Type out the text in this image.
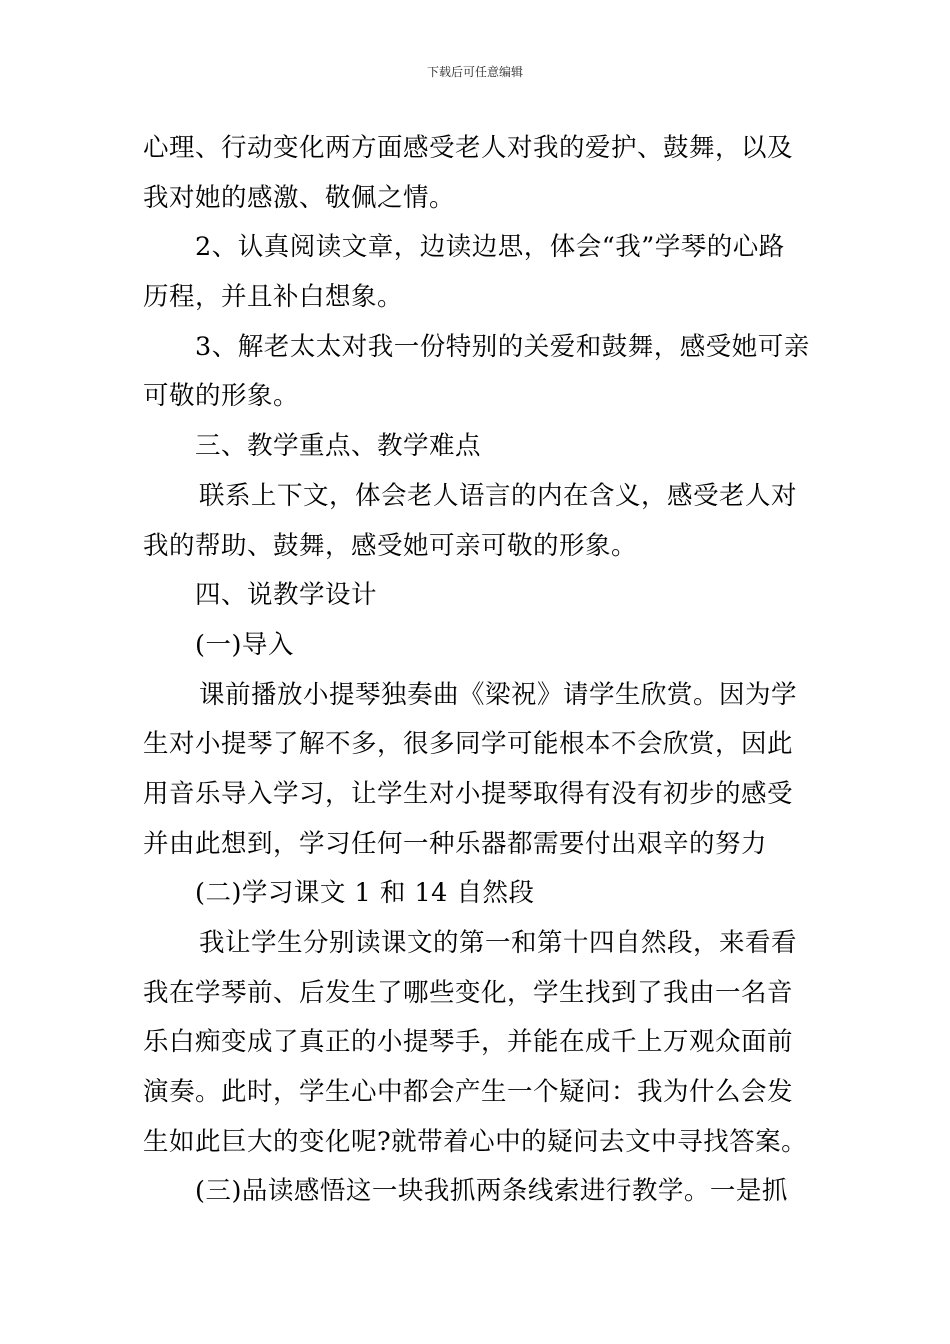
下载后可任意编辑
心理、行动变化两方面感受老人对我的爱护、鼓舞，以及
我对她的感激、敬佩之情。
2、认真阅读文章，边读边思，体会“我”学琴的心路
历程，并且补白想象。
3、解老太太对我一份特别的关爱和鼓舞，感受她可亲
可敬的形象。
三、教学重点、教学难点
联系上下文，体会老人语言的内在含义，感受老人对
我的帮助、鼓舞，感受她可亲可敬的形象。
四、说教学设计
(一)导入
课前播放小提琴独奏曲《梁祝》请学生欣赏。因为学
生对小提琴了解不多，很多同学可能根本不会欣赏，因此
用音乐导入学习，让学生对小提琴取得有没有初步的感受
并由此想到，学习任何一种乐器都需要付出艰辛的努力
(二)学习课文 1 和 14 自然段
我让学生分别读课文的第一和第十四自然段，来看看
我在学琴前、后发生了哪些变化，学生找到了我由一名音
乐白痴变成了真正的小提琴手，并能在成千上万观众面前
演奏。此时，学生心中都会产生一个疑问：我为什么会发
生如此巨大的变化呢?就带着心中的疑问去文中寻找答案。
(三)品读感悟这一块我抓两条线索进行教学。一是抓
